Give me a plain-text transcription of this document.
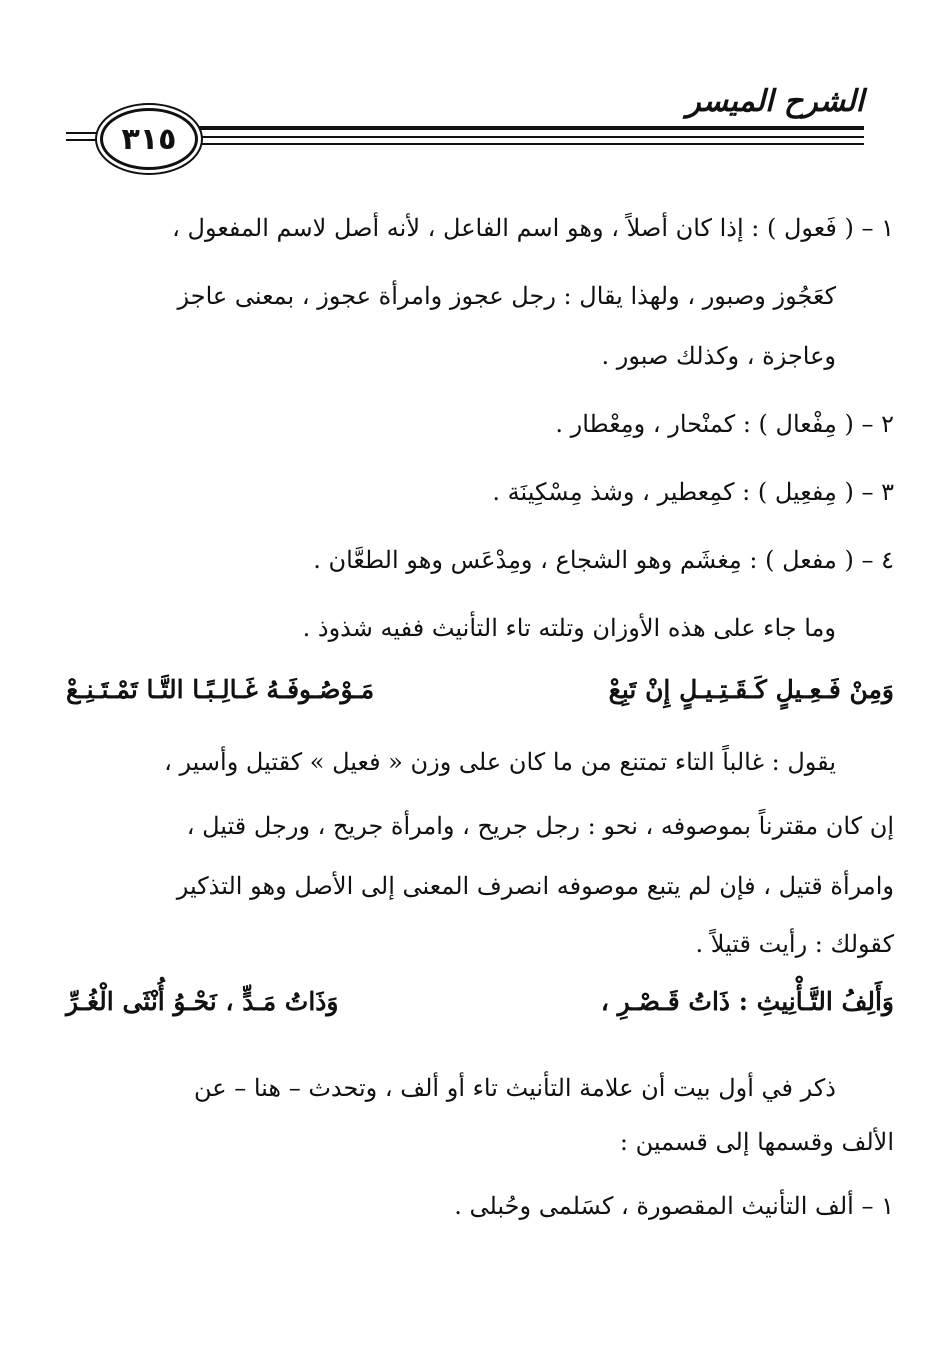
الشرح الميسر
٣١٥
١ – ( فَعول ) : إذا كان أصلاً ، وهو اسم الفاعل ، لأنه أصل لاسم المفعول ،
كعَجُوز وصبور ، ولهذا يقال : رجل عجوز وامرأة عجوز ، بمعنى عاجز
وعاجزة ، وكذلك صبور .
٢ – ( مِفْعال ) : كمنْحار ، ومِعْطار .
٣ – ( مِفعِيل ) : كمِعطير ، وشذ مِسْكِينَة .
٤ – ( مفعل ) : مِغشَم وهو الشجاع ، ومِدْعَس وهو الطعَّان .
وما جاء على هذه الأوزان وتلته تاء التأنيث ففيه شذوذ .
وَمِنْ فَـعِـيلٍ كَـقَـتِـيـلٍ إِنْ تَبِعْ
مَـوْصُـوفَـهُ غَـالِـبًـا التَّـا تَمْـتَـنِـعْ
يقول : غالباً التاء تمتنع من ما كان على وزن « فعيل » كقتيل وأسير ،
إن كان مقترناً بموصوفه ، نحو : رجل جريح ، وامرأة جريح ، ورجل قتيل ،
وامرأة قتيل ، فإن لم يتبع موصوفه انصرف المعنى إلى الأصل وهو التذكير
كقولك : رأيت قتيلاً .
وَأَلِفُ التَّـأْنِيثِ : ذَاتُ قَـصْـرِ ،
وَذَاتُ مَـدٍّ ، نَحْـوُ أُنْثَى الْغُـرِّ
ذكر في أول بيت أن علامة التأنيث تاء أو ألف ، وتحدث – هنا – عن
الألف وقسمها إلى قسمين :
١ – ألف التأنيث المقصورة ، كسَلمى وحُبلى .
